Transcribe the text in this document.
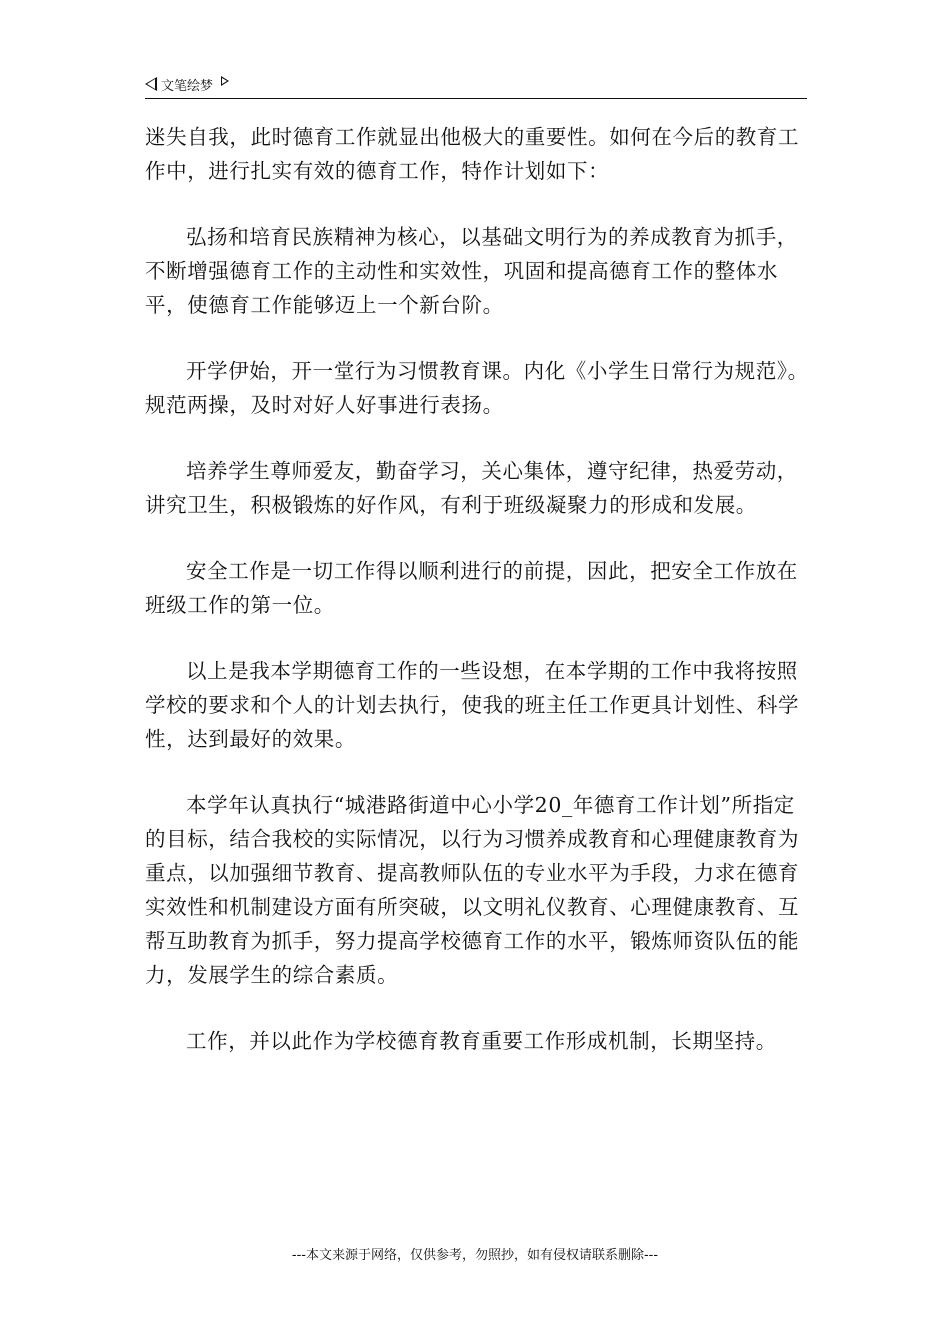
文笔绘梦

迷失自我，此时德育工作就显出他极大的重要性。如何在今后的教育工作中，进行扎实有效的德育工作，特作计划如下：

弘扬和培育民族精神为核心，以基础文明行为的养成教育为抓手，不断增强德育工作的主动性和实效性，巩固和提高德育工作的整体水平，使德育工作能够迈上一个新台阶。

开学伊始，开一堂行为习惯教育课。内化《小学生日常行为规范》。规范两操，及时对好人好事进行表扬。

培养学生尊师爱友，勤奋学习，关心集体，遵守纪律，热爱劳动，讲究卫生，积极锻炼的好作风，有利于班级凝聚力的形成和发展。

安全工作是一切工作得以顺利进行的前提，因此，把安全工作放在班级工作的第一位。

以上是我本学期德育工作的一些设想，在本学期的工作中我将按照学校的要求和个人的计划去执行，使我的班主任工作更具计划性、科学性，达到最好的效果。

本学年认真执行“城港路街道中心小学20_年德育工作计划”所指定的目标，结合我校的实际情况，以行为习惯养成教育和心理健康教育为重点，以加强细节教育、提高教师队伍的专业水平为手段，力求在德育实效性和机制建设方面有所突破，以文明礼仪教育、心理健康教育、互帮互助教育为抓手，努力提高学校德育工作的水平，锻炼师资队伍的能力，发展学生的综合素质。

工作，并以此作为学校德育教育重要工作形成机制，长期坚持。

---本文来源于网络，仅供参考，勿照抄，如有侵权请联系删除---
